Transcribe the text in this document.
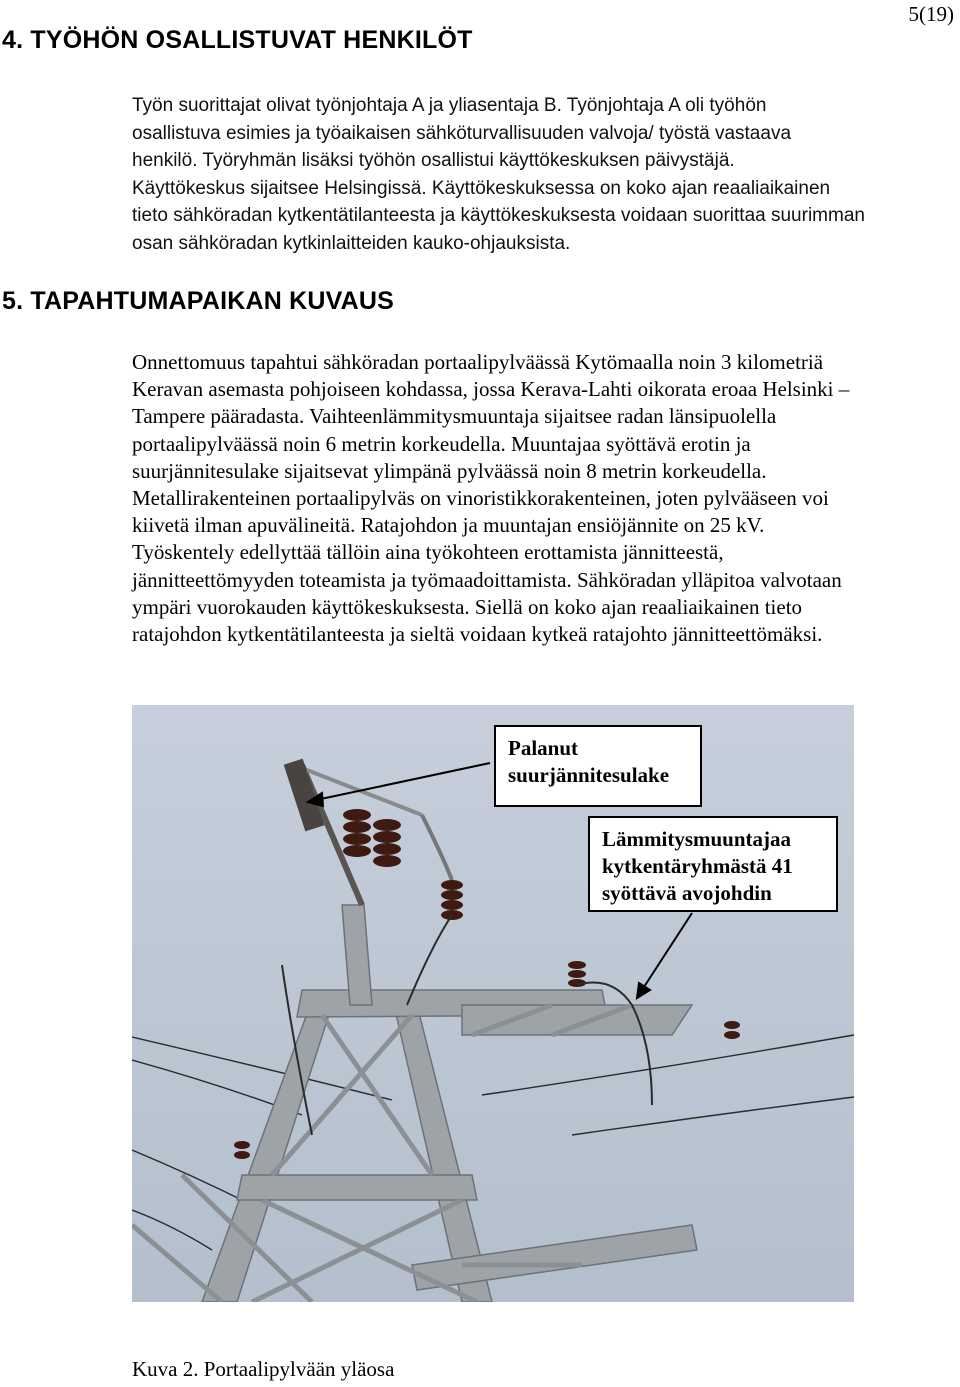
5(19)
4. TYÖHÖN OSALLISTUVAT HENKILÖT

Työn suorittajat olivat työnjohtaja A ja yliasentaja B. Työnjohtaja A oli työhön
osallistuva esimies ja työaikaisen sähköturvallisuuden valvoja/ työstä vastaava
henkilö. Työryhmän lisäksi työhön osallistui käyttökeskuksen päivystäjä.
Käyttökeskus sijaitsee Helsingissä. Käyttökeskuksessa on koko ajan reaaliaikainen
tieto sähköradan kytkentätilanteesta ja käyttökeskuksesta voidaan suorittaa suurimman
osan sähköradan kytkinlaitteiden kauko-ohjauksista.

5. TAPAHTUMAPAIKAN KUVAUS

Onnettomuus tapahtui sähköradan portaalipylväässä Kytömaalla noin 3 kilometriä
Keravan asemasta pohjoiseen kohdassa, jossa Kerava-Lahti oikorata eroaa Helsinki –
Tampere pääradasta. Vaihteenlämmitysmuuntaja sijaitsee radan länsipuolella
portaalipylväässä noin 6 metrin korkeudella. Muuntajaa syöttävä erotin ja
suurjännitesulake sijaitsevat ylimpänä pylväässä noin 8 metrin korkeudella.
Metallirakenteinen portaalipylväs on vinoristikkorakenteinen, joten pylvääseen voi
kiivetä ilman apuvälineitä. Ratajohdon ja muuntajan ensiöjännite on 25 kV.
Työskentely edellyttää tällöin aina työkohteen erottamista jännitteestä,
jännitteettömyyden toteamista ja työmaadoittamista. Sähköradan ylläpitoa valvotaan
ympäri vuorokauden käyttökeskuksesta. Siellä on koko ajan reaaliaikainen tieto
ratajohdon kytkentätilanteesta ja sieltä voidaan kytkeä ratajohto jännitteettömäksi.

Palanut
suurjännitesulake
Lämmitysmuuntajaa
kytkentäryhmästä 41
syöttävä avojohdin

Kuva 2. Portaalipylvään yläosa
